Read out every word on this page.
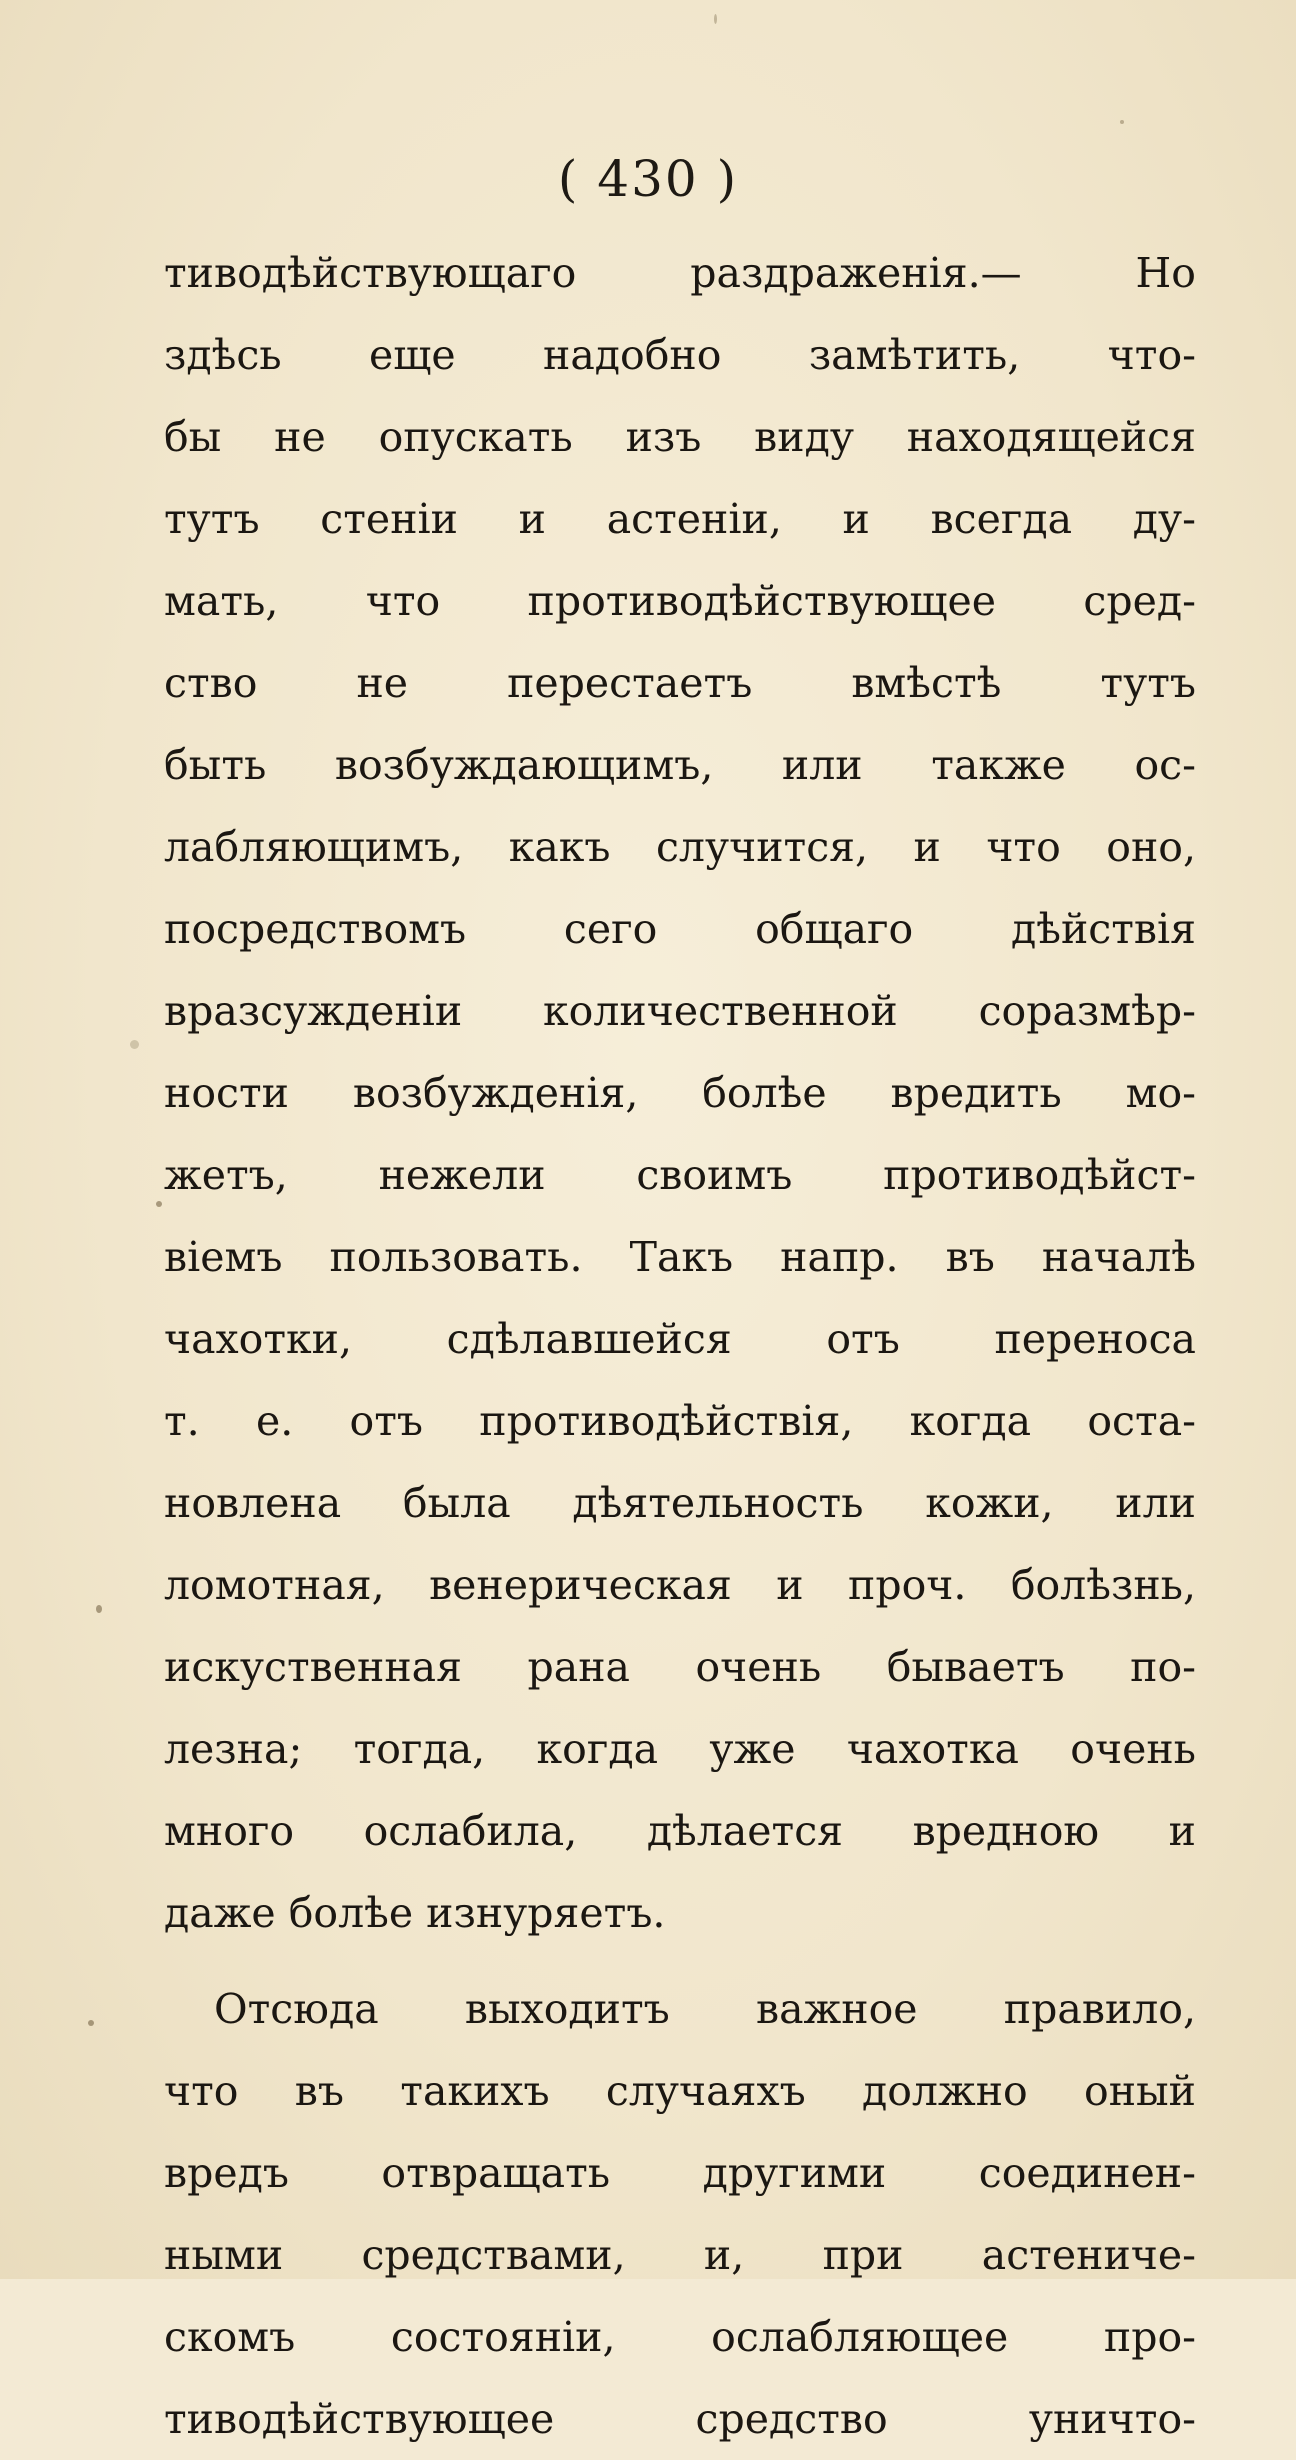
( 430 )
тиводѣйствующаго раздраженія.— Но
здѣсь еще надобно замѣтить, что-
бы не опускать изъ виду находящейся
тутъ стеніи и астеніи, и всегда ду-
мать, что противодѣйствующее сред-
ство не перестаетъ вмѣстѣ тутъ
быть возбуждающимъ, или также ос-
лабляющимъ, какъ случится, и что оно,
посредствомъ сего общаго дѣйствія
вразсужденіи количественной соразмѣр-
ности возбужденія, болѣе вредить мо-
жетъ, нежели своимъ противодѣйст-
віемъ пользовать. Такъ напр. въ началѣ
чахотки, сдѣлавшейся отъ переноса
т. е. отъ противодѣйствія, когда оста-
новлена была дѣятельность кожи, или
ломотная, венерическая и проч. болѣзнь,
искуственная рана очень бываетъ по-
лезна; тогда, когда уже чахотка очень
много ослабила, дѣлается вредною и
даже болѣе изнуряетъ.
Отсюда выходитъ важное правило,
что въ такихъ случаяхъ должно оный
вредъ отвращать другими соединен-
ными средствами, и, при астениче-
скомъ состояніи, ослабляющее про-
тиводѣйствующее средство уничто-
